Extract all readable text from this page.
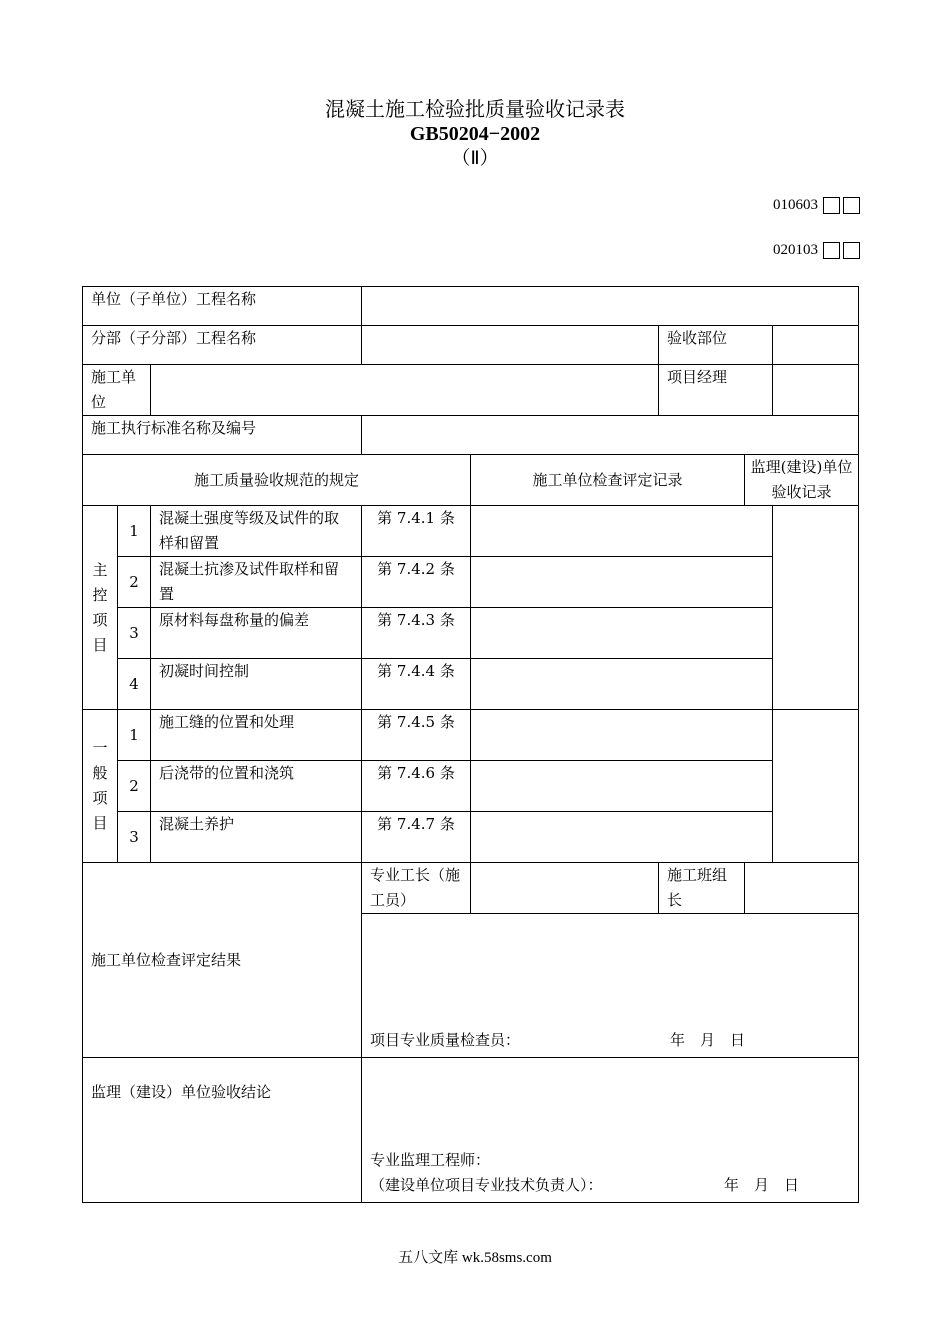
混凝土施工检验批质量验收记录表
GB50204−2002
（Ⅱ）
010603
020103
单位（子单位）工程名称							
分部（子分部）工程名称					验收部位		
施工单位					项目经理		
施工执行标准名称及编号							
施工质量验收规范的规定				施工单位检查评定记录		监理(建设)单位验收记录	

主
控
项
目	1	混凝土强度等级及试件的取样和留置	第 7.4.1 条				
	2	混凝土抗渗及试件取样和留置	第 7.4.2 条				
	3	原材料每盘称量的偏差	第 7.4.3 条				
	4	初凝时间控制	第 7.4.4 条				

一
般
项
目	1	施工缝的位置和处理	第 7.4.5 条				
	2	后浇带的位置和浇筑	第 7.4.6 条				
	3	混凝土养护	第 7.4.7 条				
施工单位检查评定结果			专业工长（施工员）		施工班组长		

			项目专业质量检查员： 年　月　日				

监理（建设）单位验收结论			专业监理工程师：
（建设单位项目专业技术负责人）： 年　月　日				
五八文库 wk.58sms.com
